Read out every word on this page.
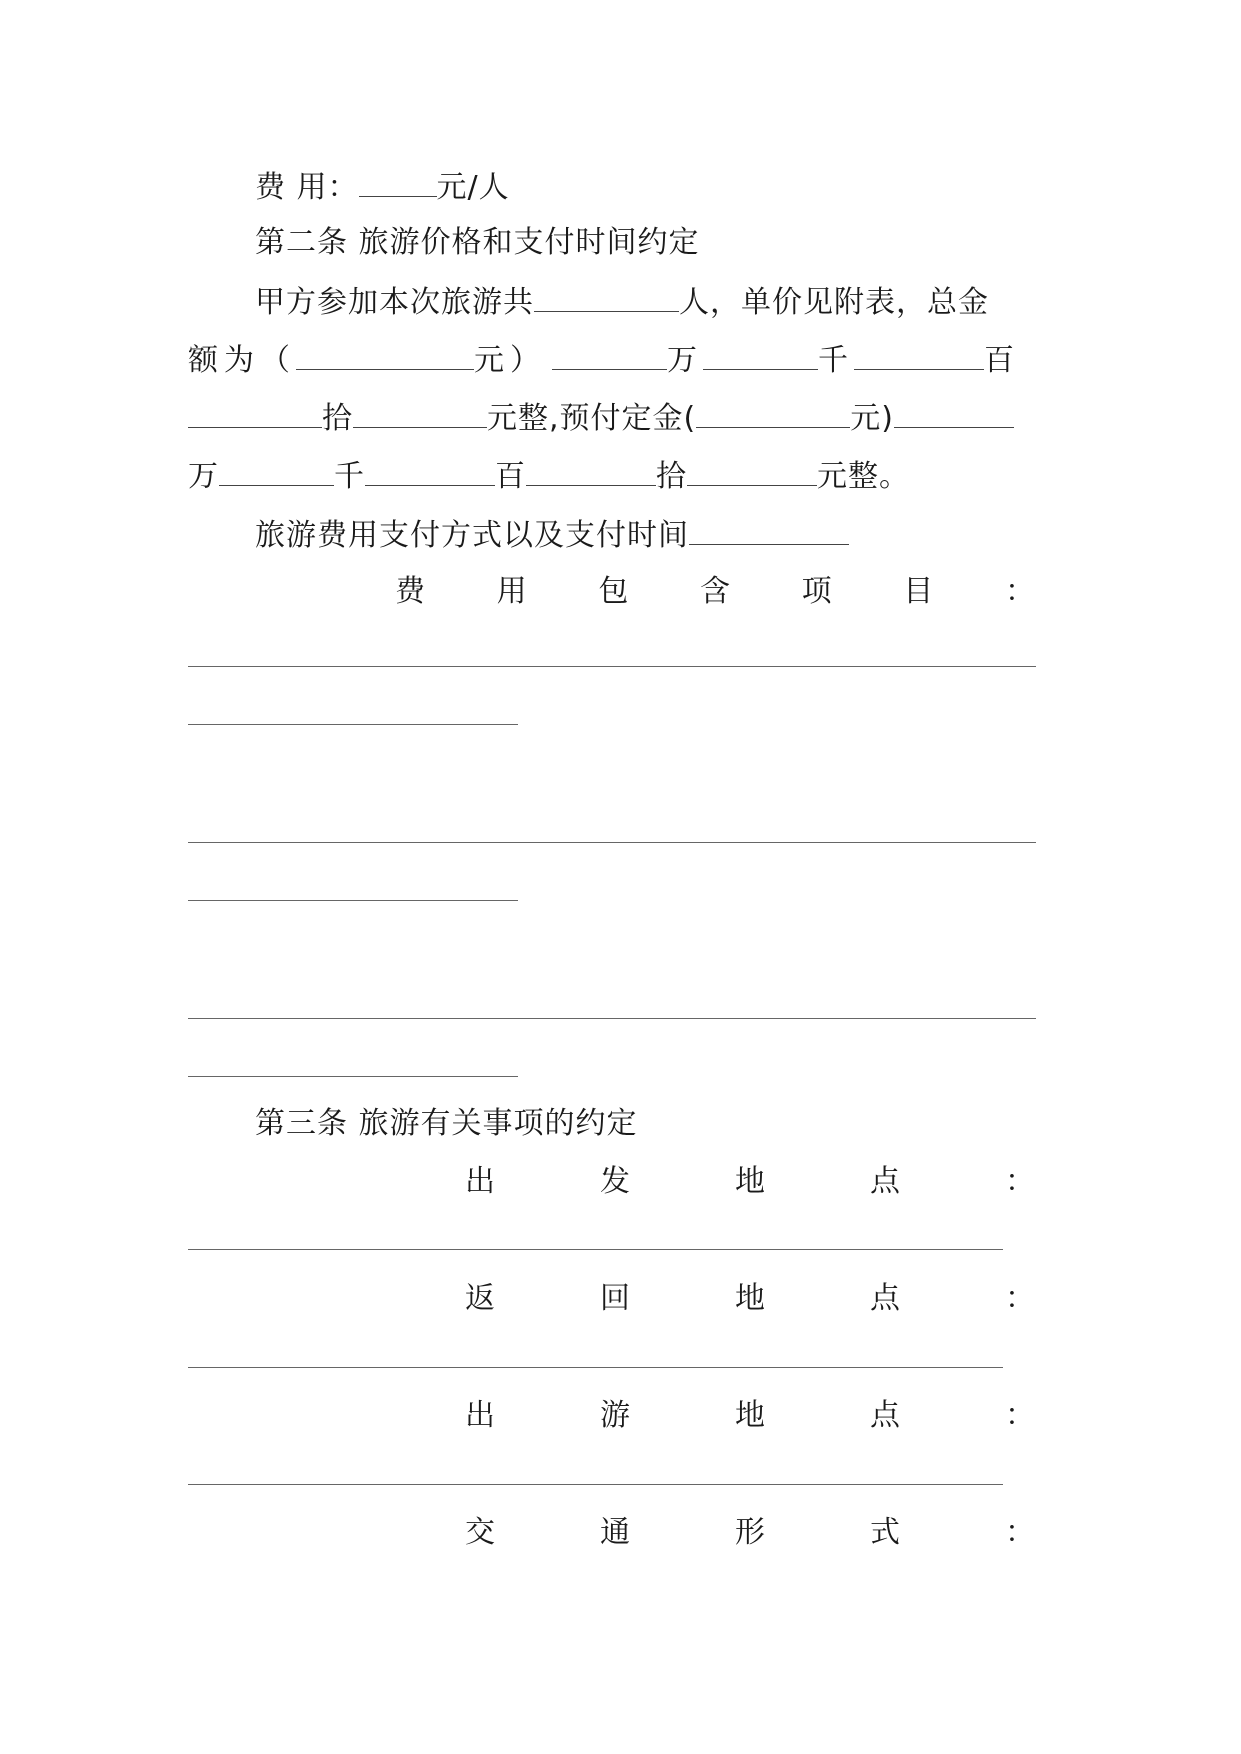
费 用：	元/人
第二条 旅游价格和支付时间约定
甲方参加本次旅游共	人，单价见附表，总金
额为（	元）	万	千	百
拾	元整,预付定金(	元)
万	千	百	拾	元整。
旅游费用支付方式以及支付时间
费 用 包 含 项 目 ：
第三条 旅游有关事项的约定
出	发	地	点	：
返	回	地	点	：
出	游	地	点	：
交	通	形	式	：
